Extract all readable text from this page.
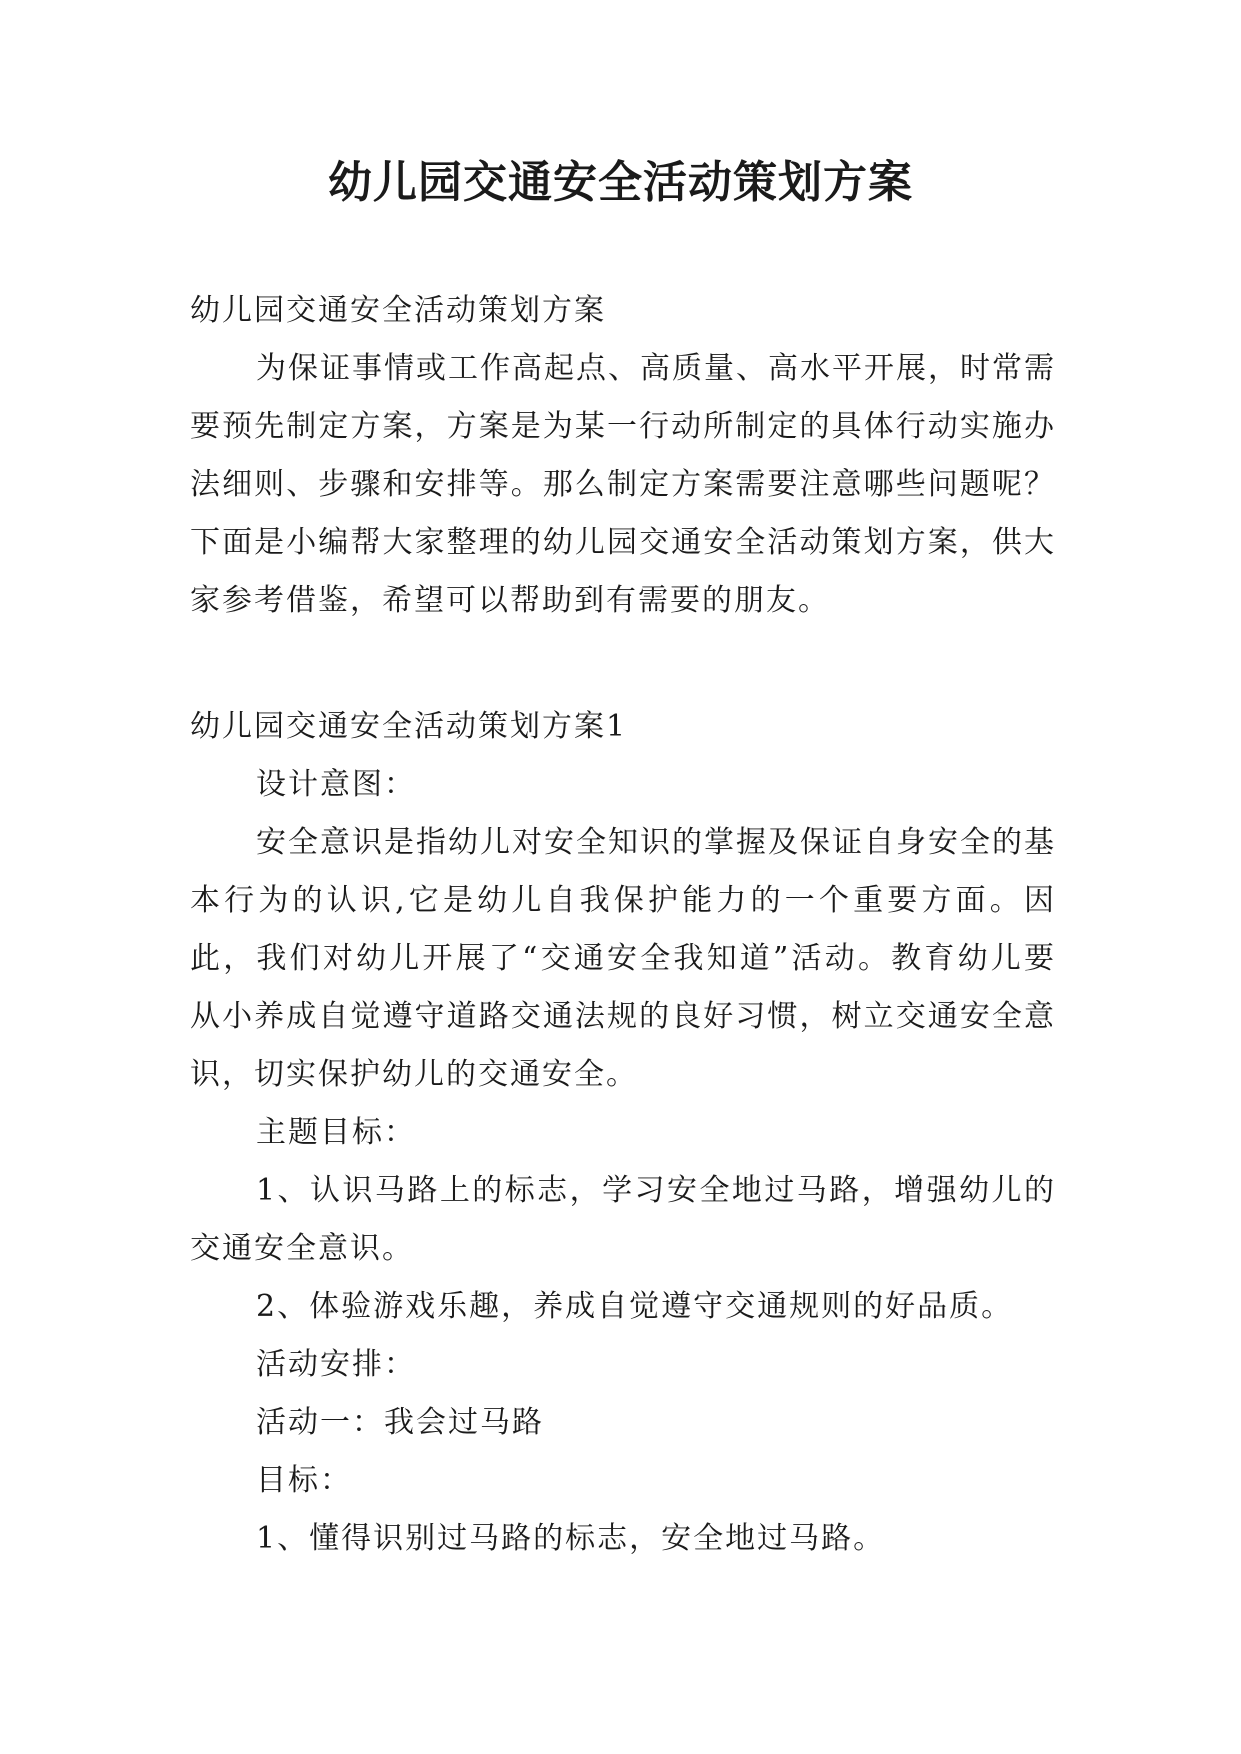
幼儿园交通安全活动策划方案

幼儿园交通安全活动策划方案

为保证事情或工作高起点、高质量、高水平开展，时常需要预先制定方案，方案是为某一行动所制定的具体行动实施办法细则、步骤和安排等。那么制定方案需要注意哪些问题呢？下面是小编帮大家整理的幼儿园交通安全活动策划方案，供大家参考借鉴，希望可以帮助到有需要的朋友。

幼儿园交通安全活动策划方案1

设计意图：

安全意识是指幼儿对安全知识的掌握及保证自身安全的基本行为的认识,它是幼儿自我保护能力的一个重要方面。因此，我们对幼儿开展了“交通安全我知道”活动。教育幼儿要从小养成自觉遵守道路交通法规的良好习惯，树立交通安全意识，切实保护幼儿的交通安全。

主题目标：

1、认识马路上的标志，学习安全地过马路，增强幼儿的交通安全意识。

2、体验游戏乐趣，养成自觉遵守交通规则的好品质。

活动安排：

活动一：我会过马路

目标：

1、懂得识别过马路的标志，安全地过马路。
